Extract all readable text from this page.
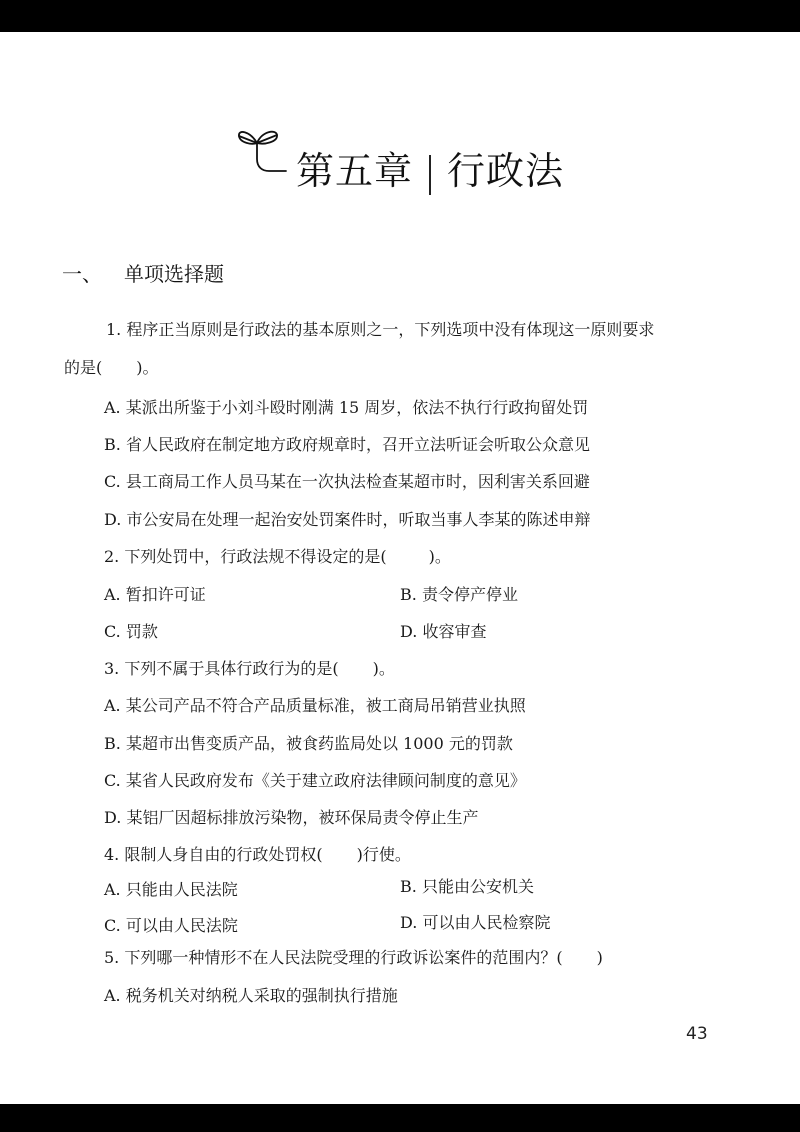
第五章 行政法
一、 单项选择题
1. 程序正当原则是行政法的基本原则之一，下列选项中没有体现这一原则要求
的是( )。
A. 某派出所鉴于小刘斗殴时刚满 15 周岁，依法不执行行政拘留处罚
B. 省人民政府在制定地方政府规章时，召开立法听证会听取公众意见
C. 县工商局工作人员马某在一次执法检查某超市时，因利害关系回避
D. 市公安局在处理一起治安处罚案件时，听取当事人李某的陈述申辩
2. 下列处罚中，行政法规不得设定的是(	)。
A. 暂扣许可证	B. 责令停产停业
C. 罚款	D. 收容审查
3. 下列不属于具体行政行为的是( )。
A. 某公司产品不符合产品质量标准，被工商局吊销营业执照
B. 某超市出售变质产品，被食药监局处以 1000 元的罚款
C. 某省人民政府发布《关于建立政府法律顾问制度的意见》
D. 某铝厂因超标排放污染物，被环保局责令停止生产
4. 限制人身自由的行政处罚权( )行使。
A. 只能由人民法院	B. 只能由公安机关
C. 可以由人民法院	D. 可以由人民检察院
5. 下列哪一种情形不在人民法院受理的行政诉讼案件的范围内？( )
A. 税务机关对纳税人采取的强制执行措施
43
